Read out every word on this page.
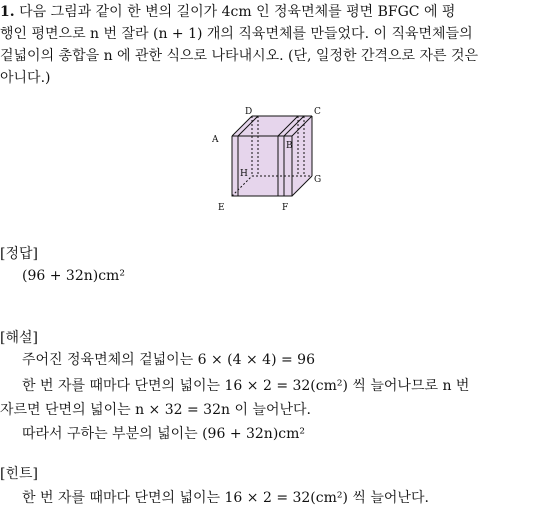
1. 다음 그림과 같이 한 변의 길이가 4cm 인 정육면체를 평면 BFGC 에 평
행인 평면으로 n 번 잘라 (n + 1) 개의 직육면체를 만들었다. 이 직육면체들의
겉넓이의 총합을 n 에 관한 식으로 나타내시오. (단, 일정한 간격으로 자른 것은
아니다.)
D	C
A
B
H
G
E	F
[정답]
(96 + 32n)cm²
[해설]
주어진 정육면체의 겉넓이는 6 × (4 × 4) = 96
한 번 자를 때마다 단면의 넓이는 16 × 2 = 32(cm²) 씩 늘어나므로 n 번
자르면 단면의 넓이는 n × 32 = 32n 이 늘어난다.
따라서 구하는 부분의 넓이는 (96 + 32n)cm²
[힌트]
한 번 자를 때마다 단면의 넓이는 16 × 2 = 32(cm²) 씩 늘어난다.
